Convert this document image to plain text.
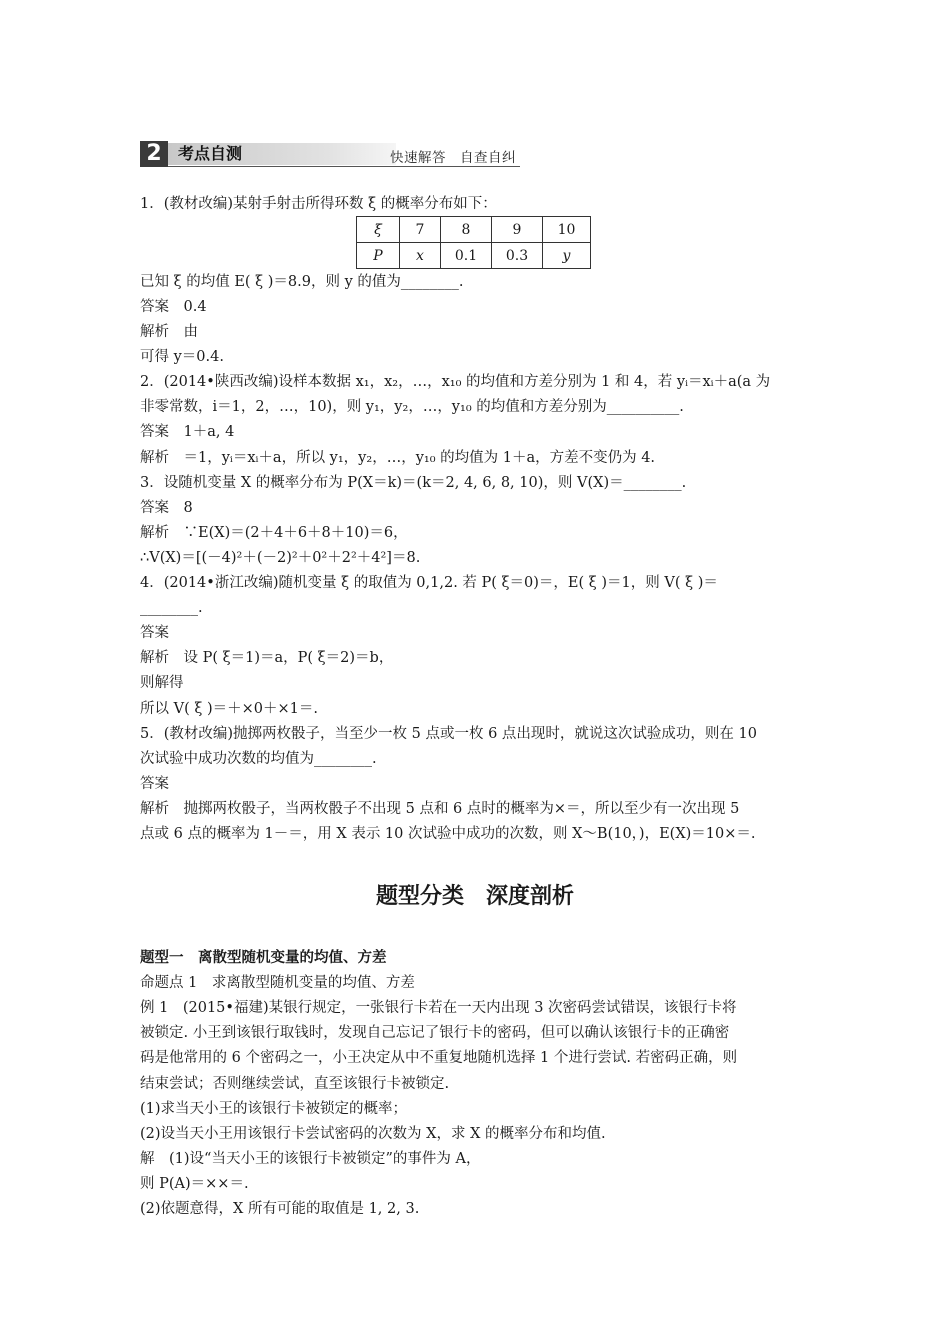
2	考点自测	快速解答　自查自纠
1．(教材改编)某射手射击所得环数 ξ 的概率分布如下：
ξ	7	8	9	10
P	x	0.1	0.3	y
已知 ξ 的均值 E( ξ )＝8.9，则 y 的值为________.
答案　0.4
解析　由
可得 y＝0.4.
2．(2014•陕西改编)设样本数据 x₁，x₂，…，x₁₀ 的均值和方差分别为 1 和 4，若 yᵢ＝xᵢ＋a(a 为
非零常数，i＝1，2，…，10)，则 y₁，y₂，…，y₁₀ 的均值和方差分别为__________.
答案　1＋a, 4
解析　＝1，yᵢ＝xᵢ＋a，所以 y₁，y₂，…，y₁₀ 的均值为 1＋a，方差不变仍为 4.
3．设随机变量 X 的概率分布为 P(X＝k)＝(k＝2, 4, 6, 8, 10)，则 V(X)＝________.
答案　8
解析　∵E(X)＝(2＋4＋6＋8＋10)＝6，
∴V(X)＝[(－4)²＋(－2)²＋0²＋2²＋4²]＝8.
4．(2014•浙江改编)随机变量 ξ 的取值为 0,1,2. 若 P( ξ＝0)＝，E( ξ )＝1，则 V( ξ )＝
________.
答案
解析　设 P( ξ＝1)＝a，P( ξ＝2)＝b，
则解得
所以 V( ξ )＝＋×0＋×1＝.
5．(教材改编)抛掷两枚骰子，当至少一枚 5 点或一枚 6 点出现时，就说这次试验成功，则在 10
次试验中成功次数的均值为________.
答案
解析　抛掷两枚骰子，当两枚骰子不出现 5 点和 6 点时的概率为×＝，所以至少有一次出现 5
点或 6 点的概率为 1－＝，用 X 表示 10 次试验中成功的次数，则 X～B(10，)，E(X)＝10×＝.
题型分类　深度剖析
题型一　离散型随机变量的均值、方差
命题点 1　求离散型随机变量的均值、方差
例 1　(2015•福建)某银行规定，一张银行卡若在一天内出现 3 次密码尝试错误，该银行卡将
被锁定. 小王到该银行取钱时，发现自己忘记了银行卡的密码，但可以确认该银行卡的正确密
码是他常用的 6 个密码之一，小王决定从中不重复地随机选择 1 个进行尝试. 若密码正确，则
结束尝试；否则继续尝试，直至该银行卡被锁定.
(1)求当天小王的该银行卡被锁定的概率；
(2)设当天小王用该银行卡尝试密码的次数为 X，求 X 的概率分布和均值.
解　(1)设“当天小王的该银行卡被锁定”的事件为 A，
则 P(A)＝××＝.
(2)依题意得，X 所有可能的取值是 1, 2, 3.
